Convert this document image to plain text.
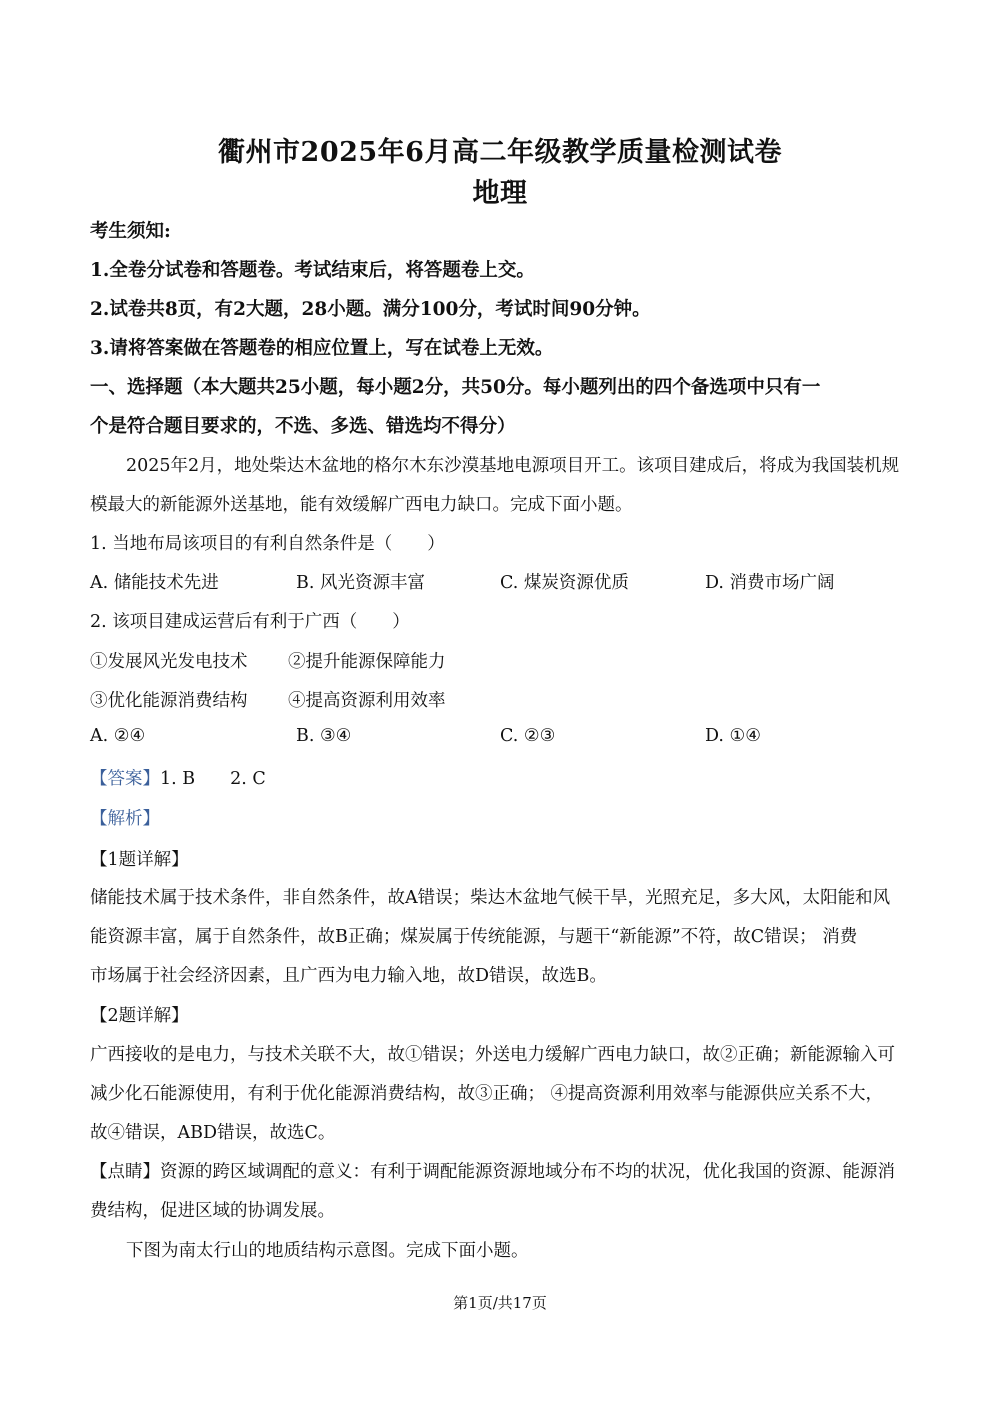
衢州市2025年6月高二年级教学质量检测试卷
地理
考生须知:
1.全卷分试卷和答题卷。考试结束后，将答题卷上交。
2.试卷共8页，有2大题，28小题。满分100分，考试时间90分钟。
3.请将答案做在答题卷的相应位置上，写在试卷上无效。
一、选择题（本大题共25小题，每小题2分，共50分。每小题列出的四个备选项中只有一
个是符合题目要求的，不选、多选、错选均不得分）
2025年2月，地处柴达木盆地的格尔木东沙漠基地电源项目开工。该项目建成后，将成为我国装机规
模最大的新能源外送基地，能有效缓解广西电力缺口。完成下面小题。
1. 当地布局该项目的有利自然条件是（　　）
A. 储能技术先进	B. 风光资源丰富	C. 煤炭资源优质	D. 消费市场广阔
2. 该项目建成运营后有利于广西（　　）
①发展风光发电技术 ②提升能源保障能力
③优化能源消费结构 ④提高资源利用效率
A. ②④	B. ③④	C. ②③	D. ①④
【答案】1. B　　2. C
【解析】
【1题详解】
储能技术属于技术条件，非自然条件，故A错误；柴达木盆地气候干旱，光照充足，多大风，太阳能和风
能资源丰富，属于自然条件，故B正确；煤炭属于传统能源，与题干“新能源”不符，故C错误； 消费
市场属于社会经济因素，且广西为电力输入地，故D错误，故选B。
【2题详解】
广西接收的是电力，与技术关联不大，故①错误；外送电力缓解广西电力缺口，故②正确；新能源输入可
减少化石能源使用，有利于优化能源消费结构，故③正确； ④提高资源利用效率与能源供应关系不大，
故④错误，ABD错误，故选C。
【点睛】资源的跨区域调配的意义：有利于调配能源资源地域分布不均的状况，优化我国的资源、能源消
费结构，促进区域的协调发展。
下图为南太行山的地质结构示意图。完成下面小题。
第1页/共17页
